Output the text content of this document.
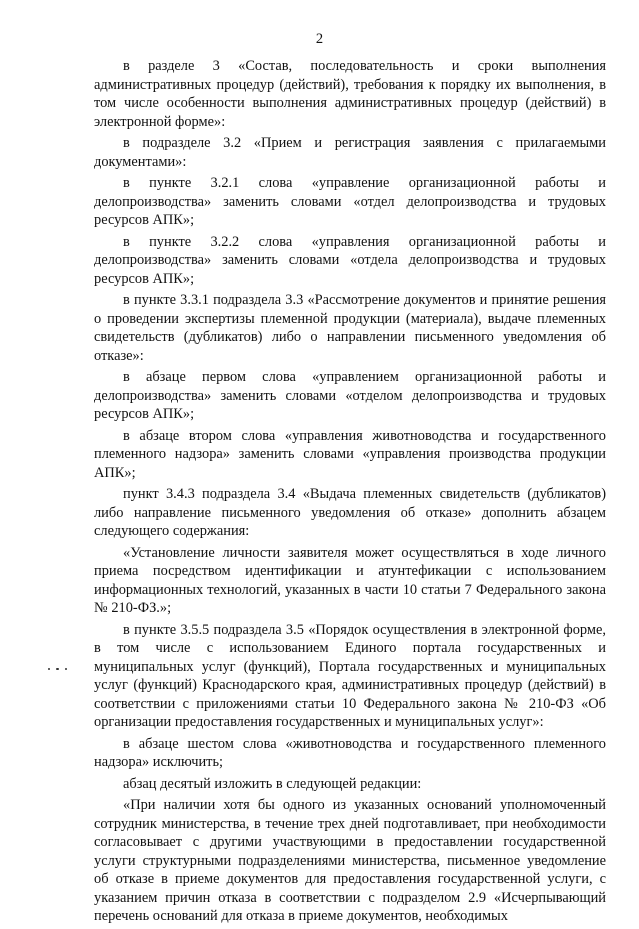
2

в разделе 3 «Состав, последовательность и сроки выполнения административных процедур (действий), требования к порядку их выполнения, в том числе особенности выполнения административных процедур (действий) в электронной форме»:

в подразделе 3.2 «Прием и регистрация заявления с прилагаемыми документами»:

в пункте 3.2.1 слова «управление организационной работы и делопроизводства» заменить словами «отдел делопроизводства и трудовых ресурсов АПК»;

в пункте 3.2.2 слова «управления организационной работы и делопроизводства» заменить словами «отдела делопроизводства и трудовых ресурсов АПК»;

в пункте 3.3.1 подраздела 3.3 «Рассмотрение документов и принятие решения о проведении экспертизы племенной продукции (материала), выдаче племенных свидетельств (дубликатов) либо о направлении письменного уведомления об отказе»:

в абзаце первом слова «управлением организационной работы и делопроизводства» заменить словами «отделом делопроизводства и трудовых ресурсов АПК»;

в абзаце втором слова «управления животноводства и государственного племенного надзора» заменить словами «управления производства продукции АПК»;

пункт 3.4.3 подраздела 3.4 «Выдача племенных свидетельств (дубликатов) либо направление письменного уведомления об отказе» дополнить абзацем следующего содержания:

«Установление личности заявителя может осуществляться в ходе личного приема посредством идентификации и атунтефикации с использованием информационных технологий, указанных в части 10 статьи 7 Федерального закона № 210-ФЗ.»;

в пункте 3.5.5 подраздела 3.5 «Порядок осуществления в электронной форме, в том числе с использованием Единого портала государственных и муниципальных услуг (функций), Портала государственных и муниципальных услуг (функций) Краснодарского края, административных процедур (действий) в соответствии с приложениями статьи 10 Федерального закона № 210-ФЗ «Об организации предоставления государственных и муниципальных услуг»:

в абзаце шестом слова «животноводства и государственного племенного надзора» исключить;

абзац десятый изложить в следующей редакции:

«При наличии хотя бы одного из указанных оснований уполномоченный сотрудник министерства, в течение трех дней подготавливает, при необходимости согласовывает с другими участвующими в предоставлении государственной услуги структурными подразделениями министерства, письменное уведомление об отказе в приеме документов для предоставления государственной услуги, с указанием причин отказа в соответствии с подразделом 2.9 «Исчерпывающий перечень оснований для отказа в приеме документов, необходимых
